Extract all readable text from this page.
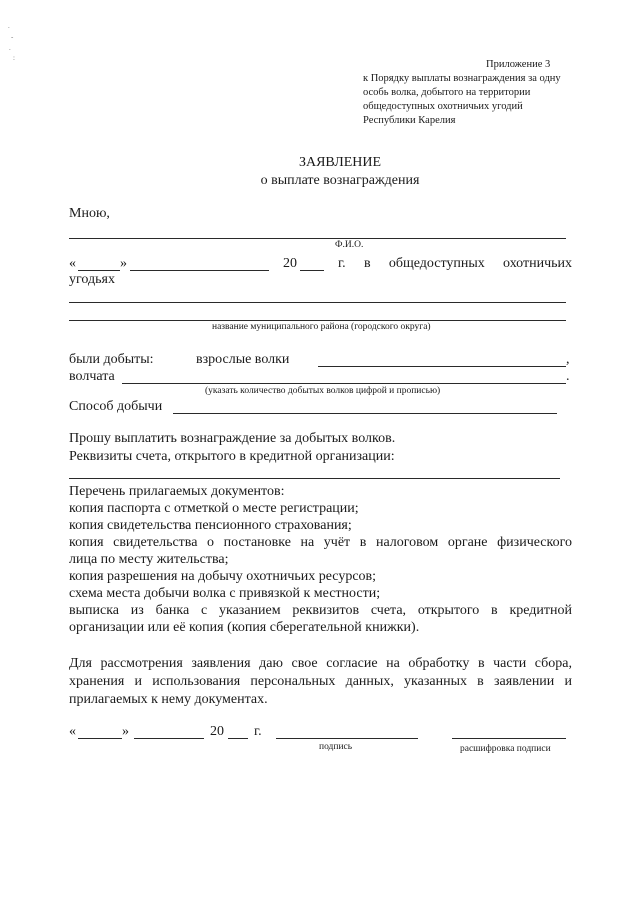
.
-
.
:
Приложение 3
к Порядку выплаты вознаграждения за одну
особь волка, добытого на территории
общедоступных охотничьих угодий
Республики Карелия
ЗАЯВЛЕНИЕ
о выплате вознаграждения
Мною,
Ф.И.О.
«	»	20	г. в общедоступных охотничьих
угодьях
название муниципального района (городского округа)
были добыты:	взрослые волки	,
волчата	.
(указать количество добытых волков цифрой и прописью)
Способ добычи
Прошу выплатить вознаграждение за добытых волков.
Реквизиты счета, открытого в кредитной организации:
Перечень прилагаемых документов:
копия паспорта с отметкой о месте регистрации;
копия свидетельства пенсионного страхования;
копия свидетельства о постановке на учёт в налоговом органе физического
лица по месту жительства;
копия разрешения на добычу охотничьих ресурсов;
схема места добычи волка с привязкой к местности;
выписка из банка с указанием реквизитов счета, открытого в кредитной
организации или её копия (копия сберегательной книжки).
Для рассмотрения заявления даю свое согласие на обработку в части сбора,
хранения и использования персональных данных, указанных в заявлении и
прилагаемых к нему документах.
«	»	20 г.
подпись	расшифровка подписи
